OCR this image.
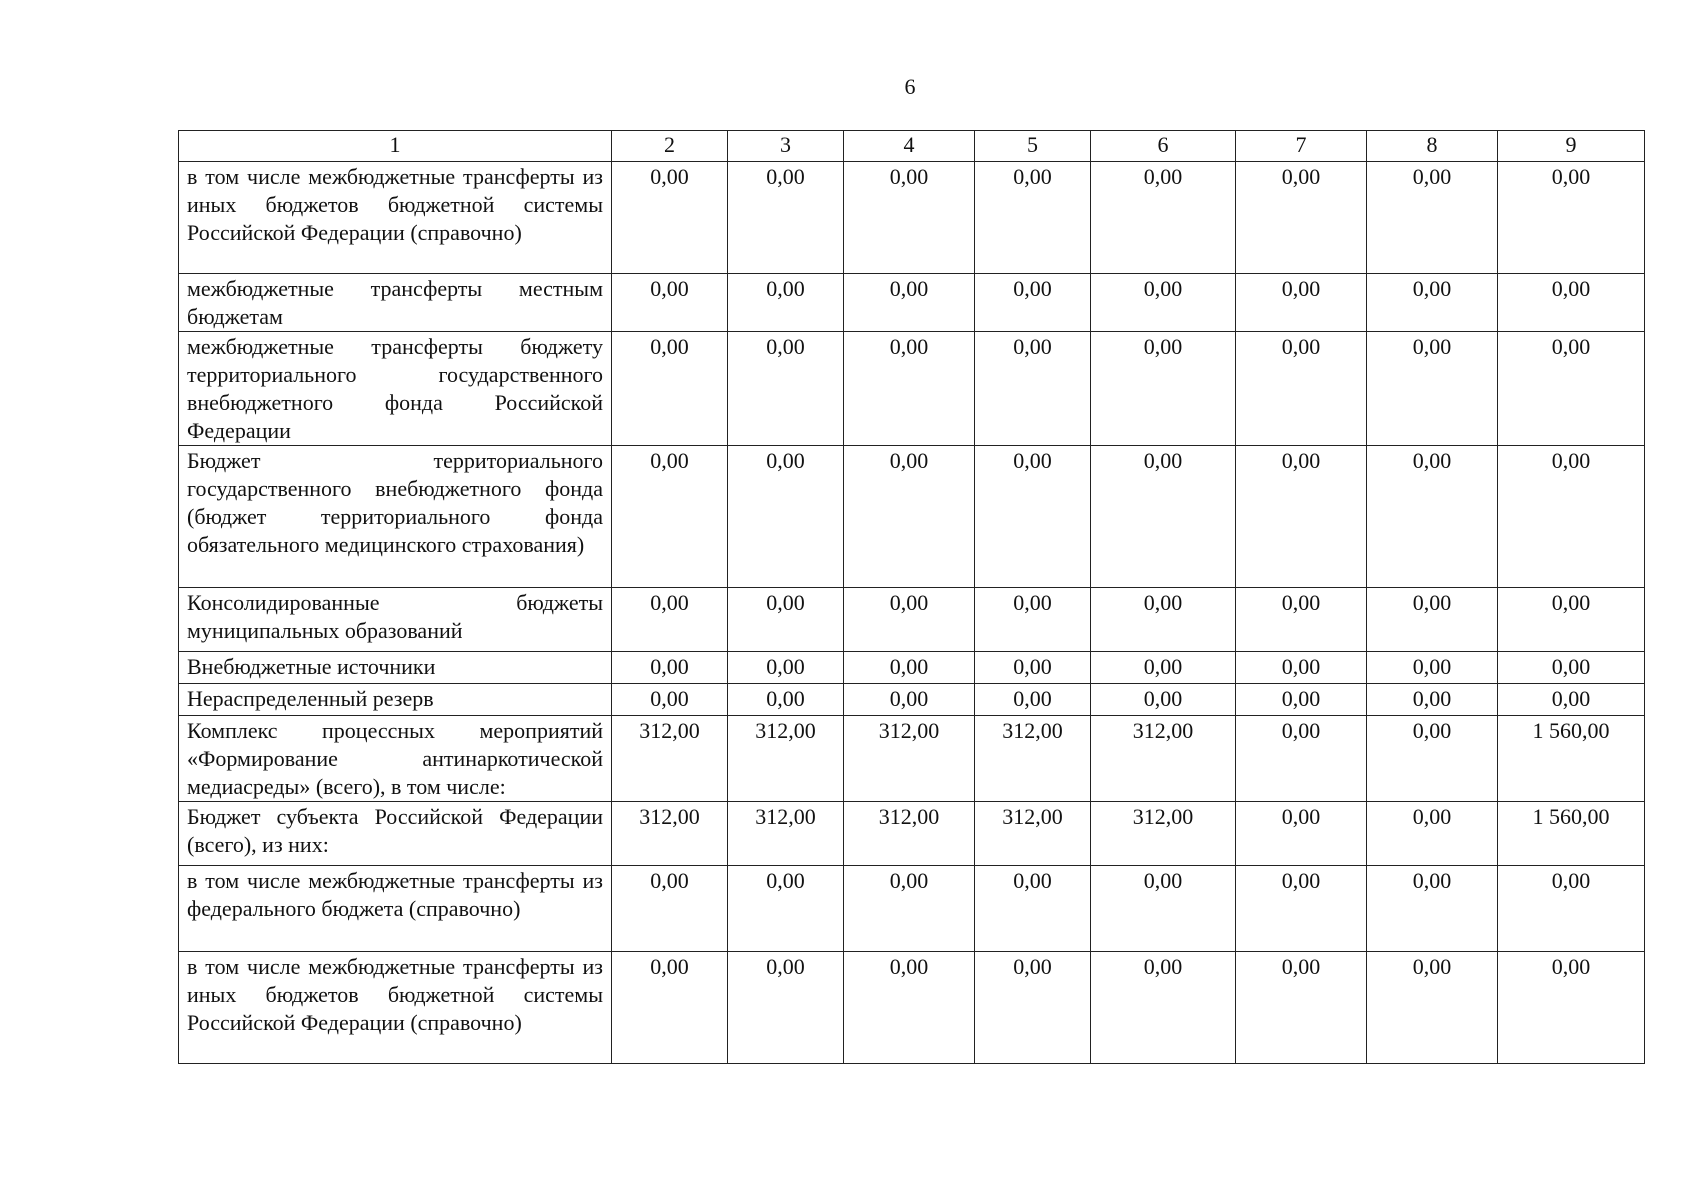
6
1	2	3	4	5	6	7	8	9
в том числе межбюджетные трансферты из иных бюджетов бюджетной системы Российской Федерации (справочно)	0,00	0,00	0,00	0,00	0,00	0,00	0,00	0,00
межбюджетные трансферты местным бюджетам	0,00	0,00	0,00	0,00	0,00	0,00	0,00	0,00
межбюджетные трансферты бюджету территориального государственного внебюджетного фонда Российской Федерации	0,00	0,00	0,00	0,00	0,00	0,00	0,00	0,00
Бюджет территориального государственного внебюджетного фонда (бюджет территориального фонда обязательного медицинского страхования)	0,00	0,00	0,00	0,00	0,00	0,00	0,00	0,00
Консолидированные бюджеты муниципальных образований	0,00	0,00	0,00	0,00	0,00	0,00	0,00	0,00
Внебюджетные источники	0,00	0,00	0,00	0,00	0,00	0,00	0,00	0,00
Нераспределенный резерв	0,00	0,00	0,00	0,00	0,00	0,00	0,00	0,00
Комплекс процессных мероприятий «Формирование антинаркотической медиасреды» (всего), в том числе:	312,00	312,00	312,00	312,00	312,00	0,00	0,00	1 560,00
Бюджет субъекта Российской Федерации (всего), из них:	312,00	312,00	312,00	312,00	312,00	0,00	0,00	1 560,00
в том числе межбюджетные трансферты из федерального бюджета (справочно)	0,00	0,00	0,00	0,00	0,00	0,00	0,00	0,00
в том числе межбюджетные трансферты из иных бюджетов бюджетной системы Российской Федерации (справочно)	0,00	0,00	0,00	0,00	0,00	0,00	0,00	0,00
